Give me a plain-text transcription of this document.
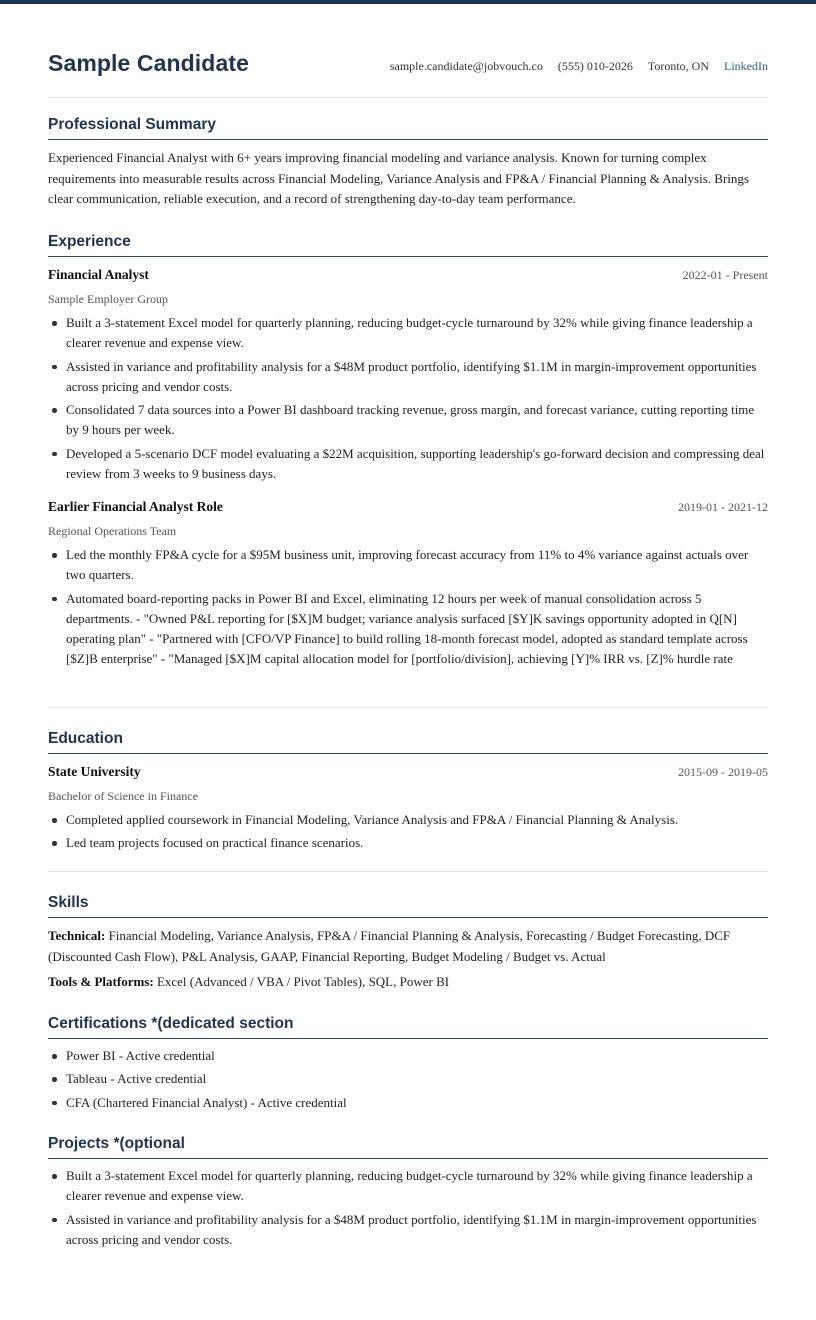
Sample Candidate	sample.candidate@jobvouch.co (555) 010-2026 Toronto, ON LinkedIn
Professional Summary

Experienced Financial Analyst with 6+ years improving financial modeling and variance analysis. Known for turning complex requirements into measurable results across Financial Modeling, Variance Analysis and FP&A / Financial Planning & Analysis. Brings clear communication, reliable execution, and a record of strengthening day-to-day team performance.

Experience
Financial Analyst	2022-01 - Present
Sample Employer Group
Built a 3-statement Excel model for quarterly planning, reducing budget-cycle turnaround by 32% while giving finance leadership a clearer revenue and expense view.
Assisted in variance and profitability analysis for a $48M product portfolio, identifying $1.1M in margin-improvement opportunities across pricing and vendor costs.
Consolidated 7 data sources into a Power BI dashboard tracking revenue, gross margin, and forecast variance, cutting reporting time by 9 hours per week.
Developed a 5-scenario DCF model evaluating a $22M acquisition, supporting leadership's go-forward decision and compressing deal review from 3 weeks to 9 business days.
Earlier Financial Analyst Role	2019-01 - 2021-12
Regional Operations Team
Led the monthly FP&A cycle for a $95M business unit, improving forecast accuracy from 11% to 4% variance against actuals over two quarters.
Automated board-reporting packs in Power BI and Excel, eliminating 12 hours per week of manual consolidation across 5 departments. - "Owned P&L reporting for [$X]M budget; variance analysis surfaced [$Y]K savings opportunity adopted in Q[N] operating plan" - "Partnered with [CFO/VP Finance] to build rolling 18-month forecast model, adopted as standard template across [$Z]B enterprise" - "Managed [$X]M capital allocation model for [portfolio/division], achieving [Y]% IRR vs. [Z]% hurdle rate
Education
State University	2015-09 - 2019-05
Bachelor of Science in Finance
Completed applied coursework in Financial Modeling, Variance Analysis and FP&A / Financial Planning & Analysis.
Led team projects focused on practical finance scenarios.
Skills

Technical: Financial Modeling, Variance Analysis, FP&A / Financial Planning & Analysis, Forecasting / Budget Forecasting, DCF (Discounted Cash Flow), P&L Analysis, GAAP, Financial Reporting, Budget Modeling / Budget vs. Actual

Tools & Platforms: Excel (Advanced / VBA / Pivot Tables), SQL, Power BI

Certifications *(dedicated section
Power BI - Active credential
Tableau - Active credential
CFA (Chartered Financial Analyst) - Active credential
Projects *(optional
Built a 3-statement Excel model for quarterly planning, reducing budget-cycle turnaround by 32% while giving finance leadership a clearer revenue and expense view.
Assisted in variance and profitability analysis for a $48M product portfolio, identifying $1.1M in margin-improvement opportunities across pricing and vendor costs.
